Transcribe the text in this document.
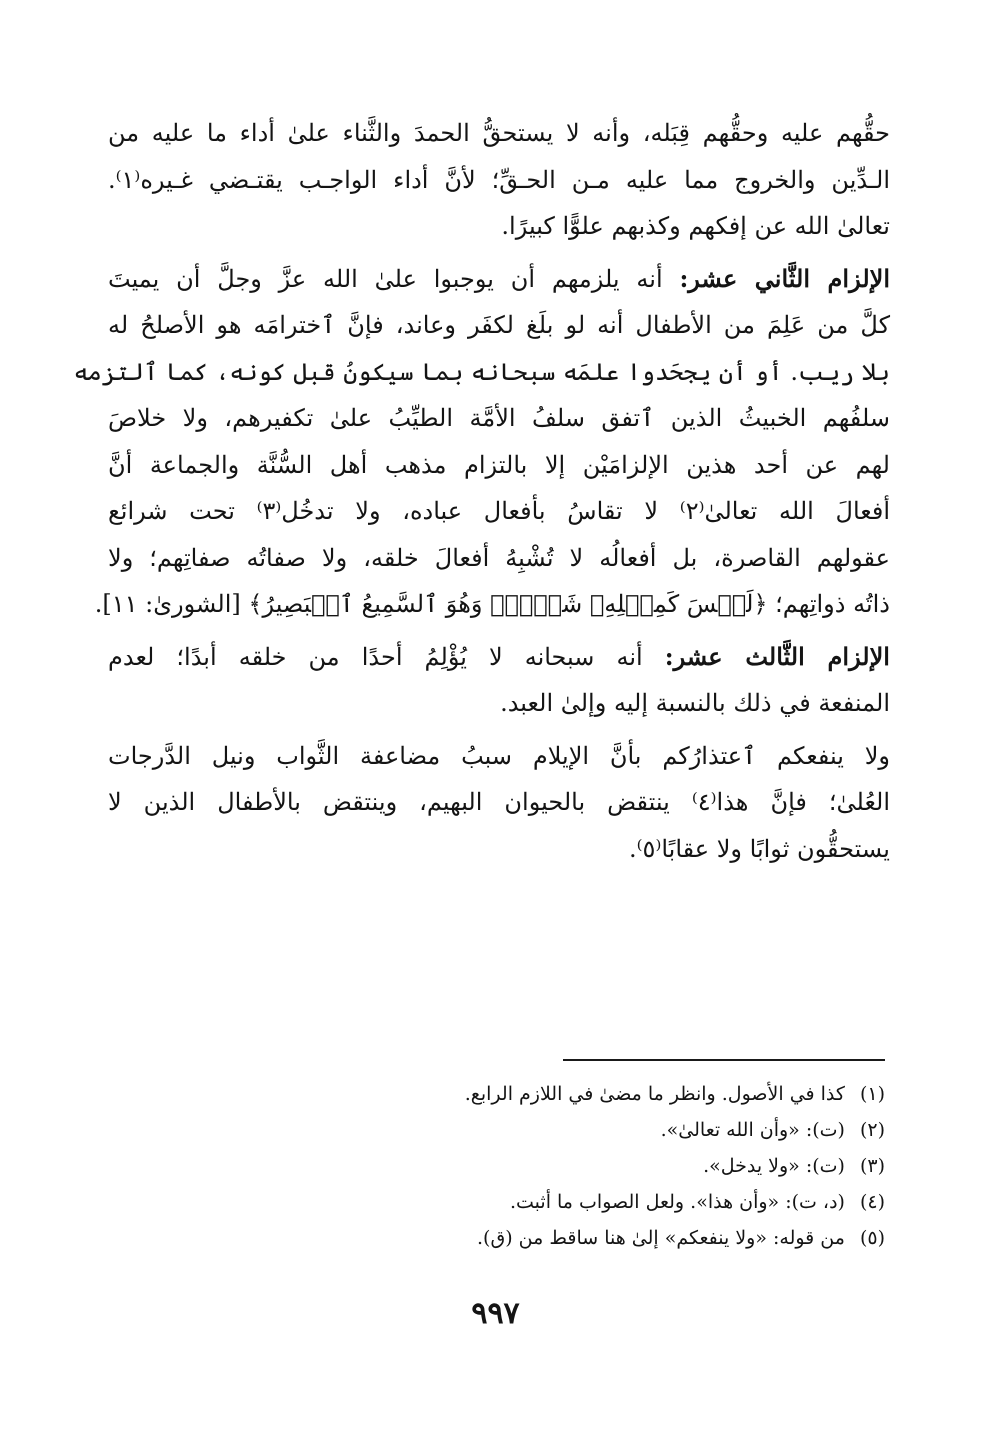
حقُّهم عليه وحقُّهم قِبَله، وأنه لا يستحقُّ الحمدَ والثَّناء علىٰ أداء ما عليه من
الـدِّين والخروج مما عليه مـن الحـقِّ؛ لأنَّ أداء الواجـب يقتـضي غـيره⁽١⁾.
تعالىٰ الله عن إفكهم وكذبهم علوًّا كبيرًا.
الإلزام الثَّاني عشر: أنه يلزمهم أن يوجبوا علىٰ الله عزَّ وجلَّ أن يميتَ
كلَّ من عَلِمَ من الأطفال أنه لو بلَغ لكفَر وعاند، فإنَّ ٱخترامَه هو الأصلحُ له
بلا ريب. أو أن يجحَدوا علمَه سبحانه بما سيكونُ قبل كونه، كما ٱلتزمه
سلفُهم الخبيثُ الذين ٱتفق سلفُ الأمَّة الطيِّبُ علىٰ تكفيرهم، ولا خلاصَ
لهم عن أحد هذين الإلزامَيْن إلا بالتزام مذهب أهل السُّنَّة والجماعة أنَّ
أفعالَ الله تعالىٰ⁽٢⁾ لا تقاسُ بأفعال عباده، ولا تدخُل⁽٣⁾ تحت شرائع
عقولهم القاصرة، بل أفعالُه لا تُشْبِهُ أفعالَ خلقه، ولا صفاتُه صفاتِهم؛ ولا
ذاتُه ذواتِهم؛ ﴿لَيۡسَ كَمِثۡلِهِۦ شَيۡءٞۖ وَهُوَ ٱلسَّمِيعُ ٱلۡبَصِيرُ﴾ [الشورىٰ: ١١].
الإلزام الثَّالث عشر: أنه سبحانه لا يُؤْلِمُ أحدًا من خلقه أبدًا؛ لعدم
المنفعة في ذلك بالنسبة إليه وإلىٰ العبد.
ولا ينفعكم ٱعتذارُكم بأنَّ الإيلام سببُ مضاعفة الثَّواب ونيل الدَّرجات
العُلىٰ؛ فإنَّ هذا⁽٤⁾ ينتقض بالحيوان البهيم، وينتقض بالأطفال الذين لا
يستحقُّون ثوابًا ولا عقابًا⁽٥⁾.
(١) كذا في الأصول. وانظر ما مضىٰ في اللازم الرابع.
(٢) (ت): «وأن الله تعالىٰ».
(٣) (ت): «ولا يدخل».
(٤) (د، ت): «وأن هذا». ولعل الصواب ما أثبت.
(٥) من قوله: «ولا ينفعكم» إلىٰ هنا ساقط من (ق).
٩٩٧
